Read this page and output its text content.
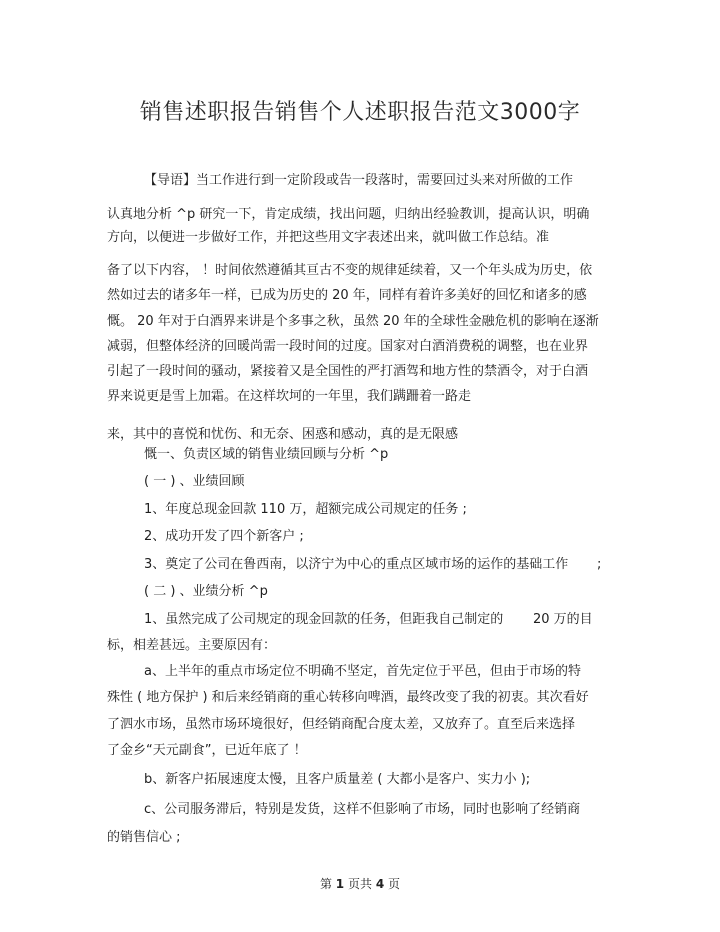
销售述职报告销售个人述职报告范文3000字
【导语】当工作进行到一定阶段或告一段落时，需要回过头来对所做的工作
认真地分析 ^p 研究一下，肯定成绩，找出问题，归纳出经验教训，提高认识，明确
方向，以便进一步做好工作，并把这些用文字表述出来，就叫做工作总结。准
备了以下内容， ！时间依然遵循其亘古不变的规律延续着，又一个年头成为历史，依
然如过去的诸多年一样，已成为历史的 20 年，同样有着许多美好的回忆和诸多的感
慨。 20 年对于白酒界来讲是个多事之秋，虽然 20 年的全球性金融危机的影响在逐渐
减弱，但整体经济的回暖尚需一段时间的过度。国家对白酒消费税的调整，也在业界
引起了一段时间的骚动，紧接着又是全国性的严打酒驾和地方性的禁酒令，对于白酒
界来说更是雪上加霜。在这样坎坷的一年里，我们蹒跚着一路走
来，其中的喜悦和忧伤、和无奈、困惑和感动，真的是无限感
慨一、负责区域的销售业绩回顾与分析 ^p
( 一 ) 、业绩回顾
1、年度总现金回款 110 万，超额完成公司规定的任务 ;
2、成功开发了四个新客户 ;
3、奠定了公司在鲁西南，以济宁为中心的重点区域市场的运作的基础工作 ;
( 二 ) 、业绩分析 ^p
1、虽然完成了公司规定的现金回款的任务，但距我自己制定的 20 万的目
标，相差甚远。主要原因有：
a、上半年的重点市场定位不明确不坚定，首先定位于平邑，但由于市场的特
殊性 ( 地方保护 ) 和后来经销商的重心转移向啤酒，最终改变了我的初衷。其次看好
了泗水市场，虽然市场环境很好，但经销商配合度太差，又放弃了。直至后来选择
了金乡“天元副食”，已近年底了 ！
b、新客户拓展速度太慢，且客户质量差 ( 大都小是客户、实力小 );
c、公司服务滞后，特别是发货，这样不但影响了市场，同时也影响了经销商
的销售信心 ;
第 1 页共 4 页
